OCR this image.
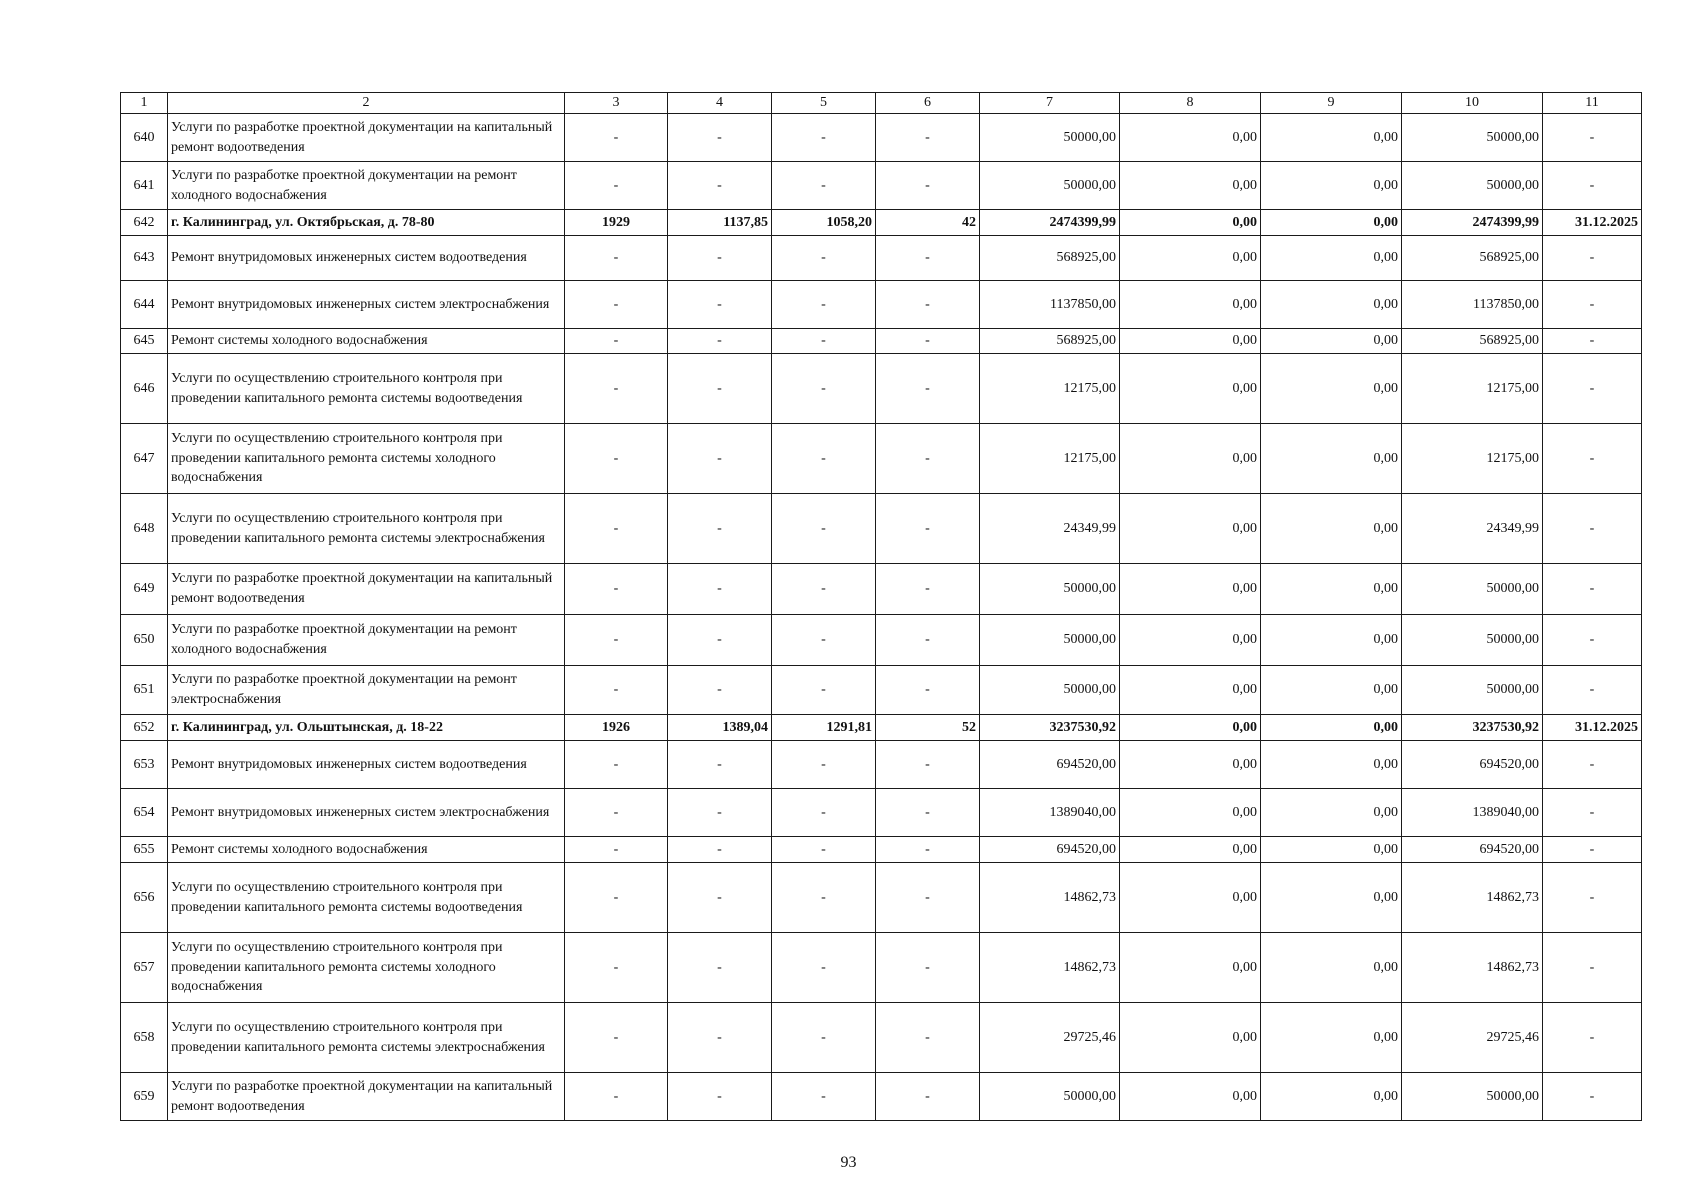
1	2	3	4	5	6	7	8	9	10	11
640	Услуги по разработке проектной документации на капитальный ремонт водоотведения	-	-	-	-	50000,00	0,00	0,00	50000,00	-
641	Услуги по разработке проектной документации на ремонт холодного водоснабжения	-	-	-	-	50000,00	0,00	0,00	50000,00	-
642	г. Калининград, ул. Октябрьская, д. 78-80	1929	1137,85	1058,20	42	2474399,99	0,00	0,00	2474399,99	31.12.2025
643	Ремонт внутридомовых инженерных систем водоотведения	-	-	-	-	568925,00	0,00	0,00	568925,00	-
644	Ремонт внутридомовых инженерных систем электроснабжения	-	-	-	-	1137850,00	0,00	0,00	1137850,00	-
645	Ремонт системы холодного водоснабжения	-	-	-	-	568925,00	0,00	0,00	568925,00	-
646	Услуги по осуществлению строительного контроля при проведении капитального ремонта системы водоотведения	-	-	-	-	12175,00	0,00	0,00	12175,00	-
647	Услуги по осуществлению строительного контроля при проведении капитального ремонта системы холодного водоснабжения	-	-	-	-	12175,00	0,00	0,00	12175,00	-
648	Услуги по осуществлению строительного контроля при проведении капитального ремонта системы электроснабжения	-	-	-	-	24349,99	0,00	0,00	24349,99	-
649	Услуги по разработке проектной документации на капитальный ремонт водоотведения	-	-	-	-	50000,00	0,00	0,00	50000,00	-
650	Услуги по разработке проектной документации на ремонт холодного водоснабжения	-	-	-	-	50000,00	0,00	0,00	50000,00	-
651	Услуги по разработке проектной документации на ремонт электроснабжения	-	-	-	-	50000,00	0,00	0,00	50000,00	-
652	г. Калининград, ул. Ольштынская, д. 18-22	1926	1389,04	1291,81	52	3237530,92	0,00	0,00	3237530,92	31.12.2025
653	Ремонт внутридомовых инженерных систем водоотведения	-	-	-	-	694520,00	0,00	0,00	694520,00	-
654	Ремонт внутридомовых инженерных систем электроснабжения	-	-	-	-	1389040,00	0,00	0,00	1389040,00	-
655	Ремонт системы холодного водоснабжения	-	-	-	-	694520,00	0,00	0,00	694520,00	-
656	Услуги по осуществлению строительного контроля при проведении капитального ремонта системы водоотведения	-	-	-	-	14862,73	0,00	0,00	14862,73	-
657	Услуги по осуществлению строительного контроля при проведении капитального ремонта системы холодного водоснабжения	-	-	-	-	14862,73	0,00	0,00	14862,73	-
658	Услуги по осуществлению строительного контроля при проведении капитального ремонта системы электроснабжения	-	-	-	-	29725,46	0,00	0,00	29725,46	-
659	Услуги по разработке проектной документации на капитальный ремонт водоотведения	-	-	-	-	50000,00	0,00	0,00	50000,00	-
93
